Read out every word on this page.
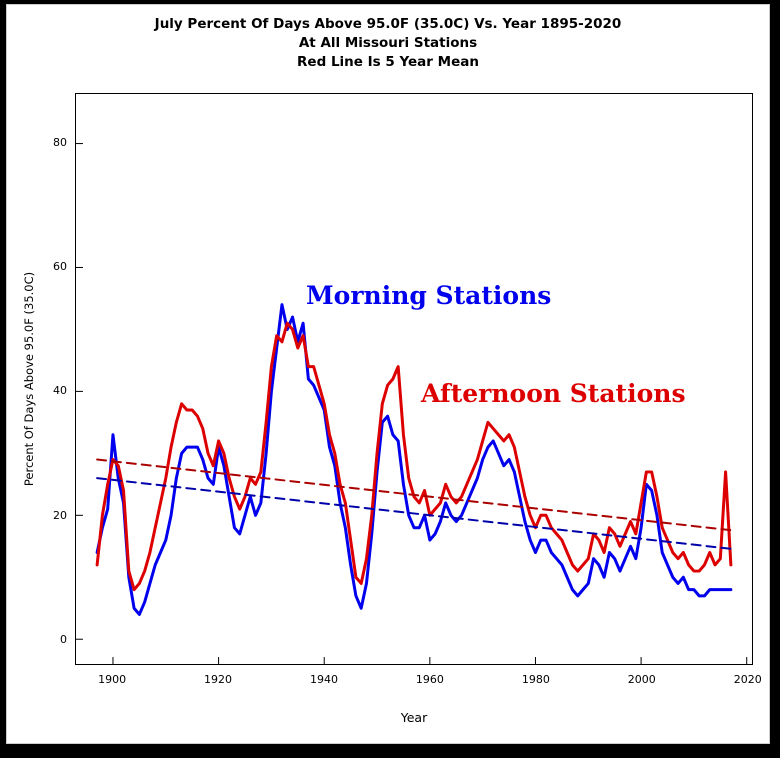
July Percent Of Days Above 95.0F (35.0C) Vs. Year 1895-2020
At All Missouri Stations
Red Line Is 5 Year Mean
Percent Of Days Above 95.0F (35.0C)	Morning Stations
Afternoon Stations
0
20
40
60
80
1900	1920	1940	1960	1980	2000	2020
Year
